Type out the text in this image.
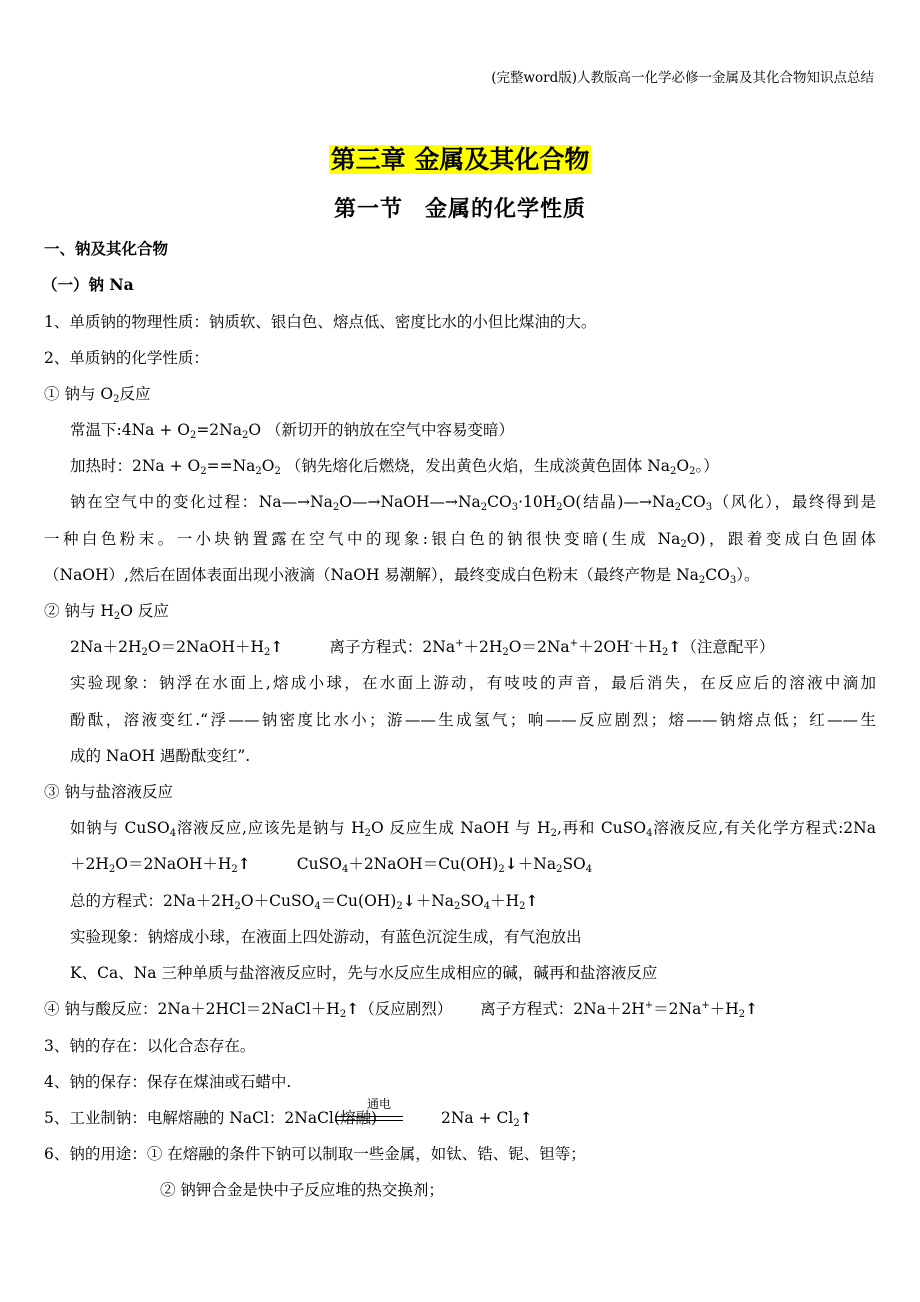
(完整word版)人教版高一化学必修一金属及其化合物知识点总结
第三章 金属及其化合物
第一节 金属的化学性质
一、钠及其化合物
（一）钠 Na
1、单质钠的物理性质：钠质软、银白色、熔点低、密度比水的小但比煤油的大。
2、单质钠的化学性质：
① 钠与 $O_2$反应
常温下:4Na + $O_2=2Na_2O$ （新切开的钠放在空气中容易变暗）
加热时：$2Na + O_2==Na_2O_2$ （钠先熔化后燃烧，发出黄色火焰，生成淡黄色固体 $Na_2O_2$。）
钠在空气中的变化过程：$Na—\to Na_2O—\to NaOH—\to Na_2CO_3\cdot 10H_2O$(结晶)$—\to Na_2CO_3$（风化），最终得到是
一种白色粉末。一小块钠置露在空气中的现象:银白色的钠很快变暗(生成 $Na_2O$)，跟着变成白色固体
（NaOH）,然后在固体表面出现小液滴（NaOH 易潮解），最终变成白色粉末（最终产物是 $Na_2CO_3$）。
② 钠与 $H_2O$ 反应
$2Na+2H_2O=2NaOH+H_2↑$	离子方程式：$2Na^++2H_2O=2Na^++2OH^-+H_2↑$（注意配平）
实验现象：钠浮在水面上,熔成小球，在水面上游动，有吱吱的声音，最后消失，在反应后的溶液中滴加
酚酞，溶液变红.“浮——钠密度比水小；游——生成氢气；响——反应剧烈；熔——钠熔点低；红——生
成的 NaOH 遇酚酞变红”.
③ 钠与盐溶液反应
如钠与 CuSO$_4$溶液反应,应该先是钠与 $H_2O$ 反应生成 NaOH 与 $H_2$,再和 CuSO$_4$溶液反应,有关化学方程式:2Na
$+2H_2O=2NaOH+H_2↑$	$CuSO_4+2NaOH=Cu(OH)_2↓+Na_2SO_4$
总的方程式：$2Na+2H_2O+CuSO_4=Cu(OH)_2↓+Na_2SO_4+H_2↑$
实验现象：钠熔成小球，在液面上四处游动，有蓝色沉淀生成，有气泡放出
K、Ca、Na 三种单质与盐溶液反应时，先与水反应生成相应的碱，碱再和盐溶液反应
④ 钠与酸反应：$2Na+2HCl=2NaCl+H_2↑$（反应剧烈） 离子方程式：$2Na+2H^+=2Na^++H_2↑$
3、钠的存在：以化合态存在。
4、钠的保存：保存在煤油或石蜡中.
5、工业制钠：电解熔融的 NaCl：2NaCl(熔融)
通电
$2Na + Cl_2↑$
6、钠的用途：① 在熔融的条件下钠可以制取一些金属，如钛、锆、铌、钽等；
② 钠钾合金是快中子反应堆的热交换剂；
